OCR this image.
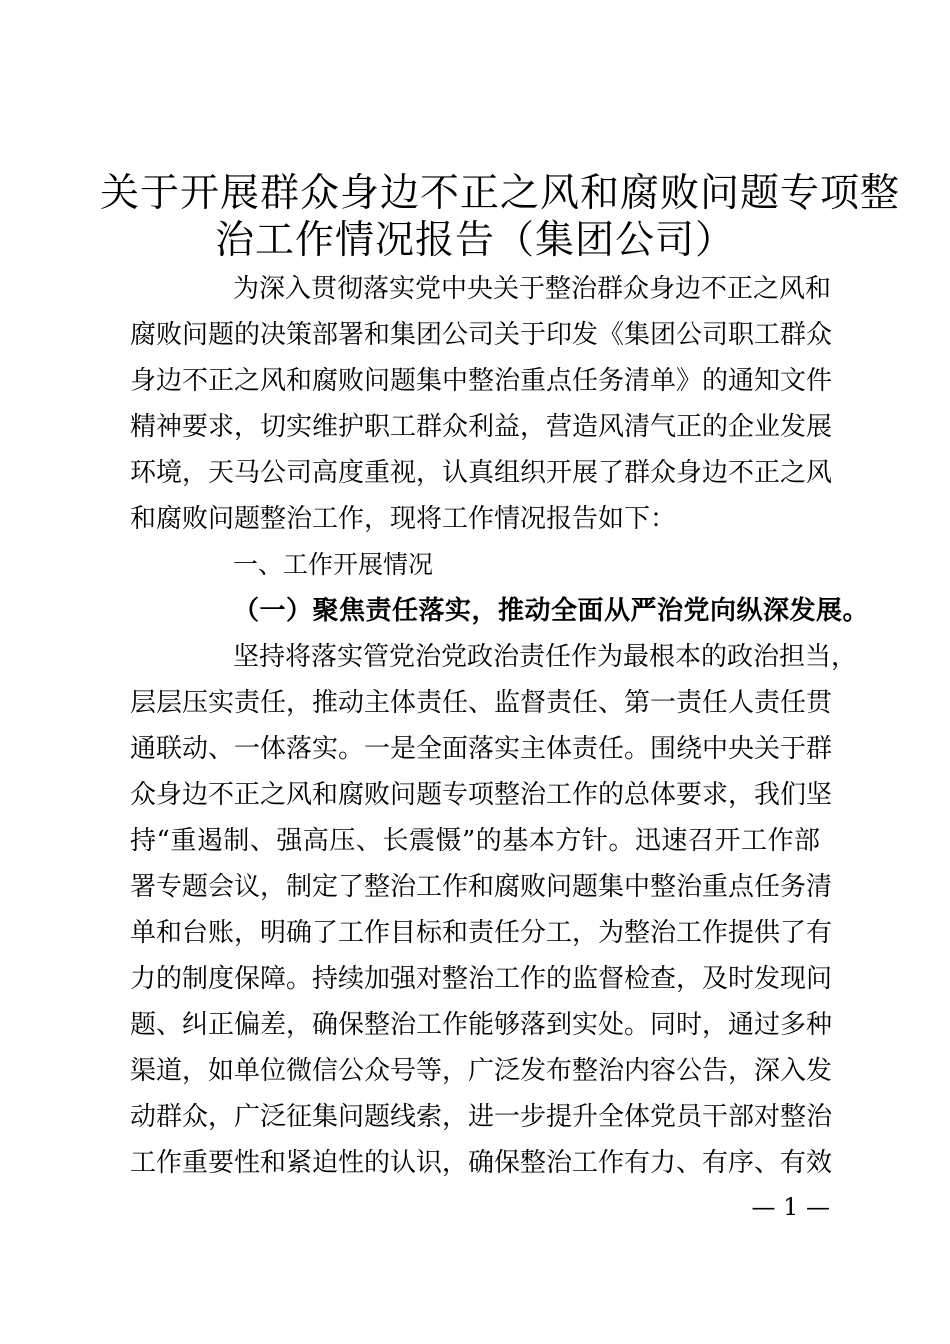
关于开展群众身边不正之风和腐败问题专项整
治工作情况报告（集团公司）
为深入贯彻落实党中央关于整治群众身边不正之风和
腐败问题的决策部署和集团公司关于印发《集团公司职工群众
身边不正之风和腐败问题集中整治重点任务清单》的通知文件
精神要求，切实维护职工群众利益，营造风清气正的企业发展
环境，天马公司高度重视，认真组织开展了群众身边不正之风
和腐败问题整治工作，现将工作情况报告如下：
一、工作开展情况
（一）聚焦责任落实，推动全面从严治党向纵深发展。
坚持将落实管党治党政治责任作为最根本的政治担当，
层层压实责任，推动主体责任、监督责任、第一责任人责任贯
通联动、一体落实。一是全面落实主体责任。围绕中央关于群
众身边不正之风和腐败问题专项整治工作的总体要求，我们坚
持“重遏制、强高压、长震慑”的基本方针。迅速召开工作部
署专题会议，制定了整治工作和腐败问题集中整治重点任务清
单和台账，明确了工作目标和责任分工，为整治工作提供了有
力的制度保障。持续加强对整治工作的监督检查，及时发现问
题、纠正偏差，确保整治工作能够落到实处。同时，通过多种
渠道，如单位微信公众号等，广泛发布整治内容公告，深入发
动群众，广泛征集问题线索，进一步提升全体党员干部对整治
工作重要性和紧迫性的认识，确保整治工作有力、有序、有效
— 1 —
